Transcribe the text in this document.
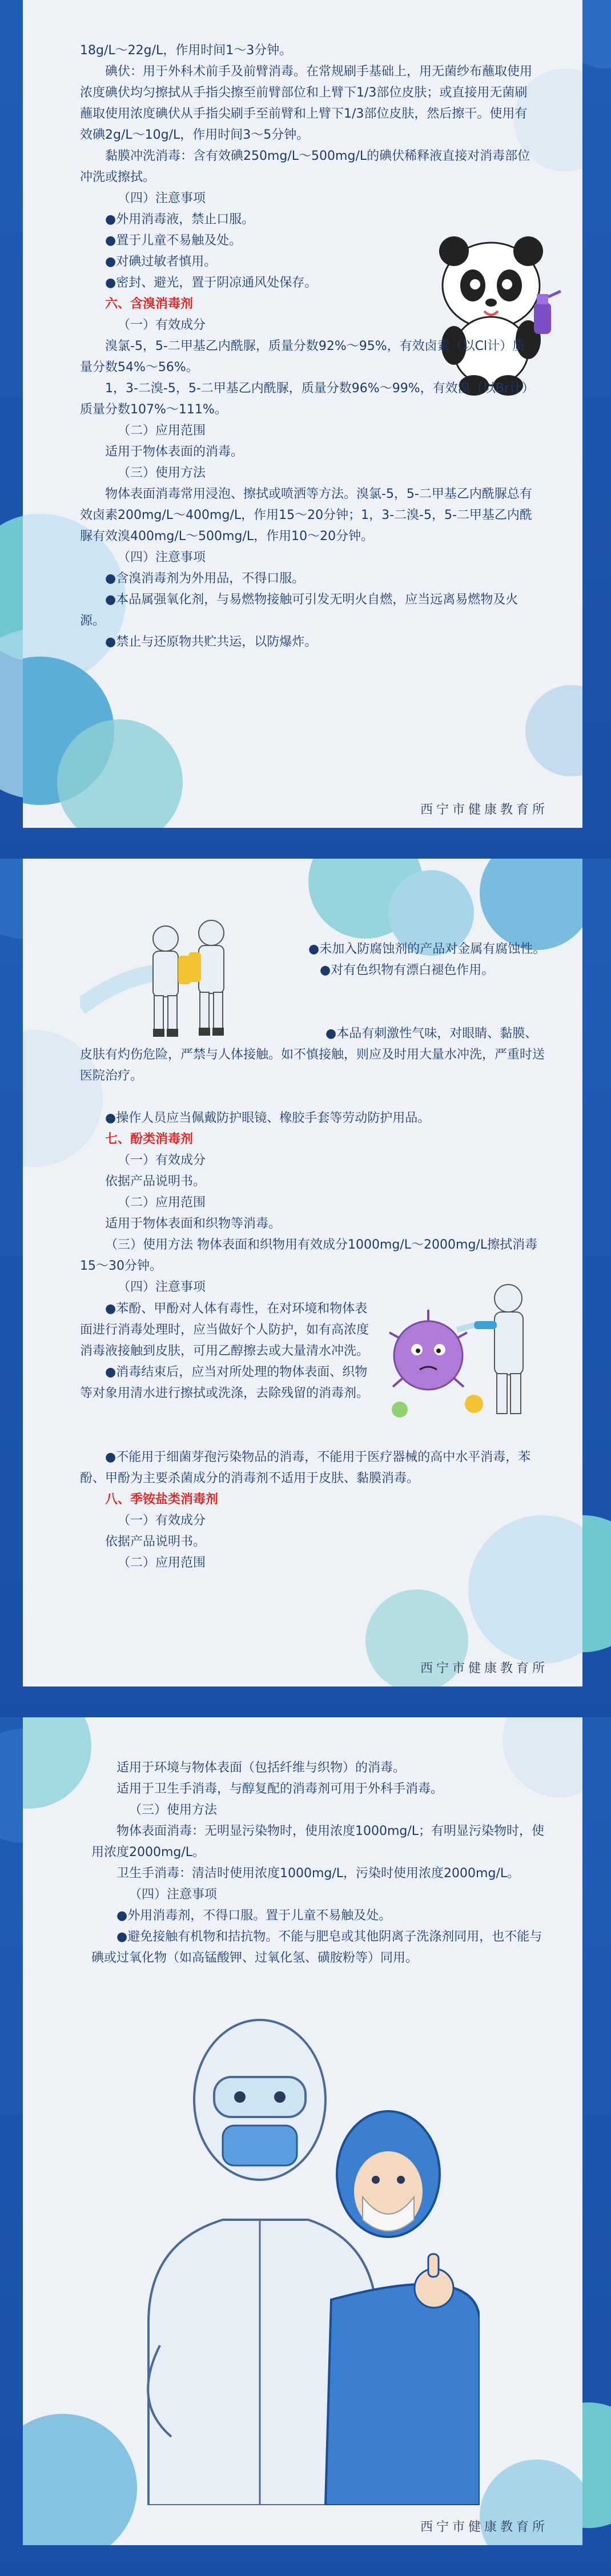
18g/L～22g/L，作用时间1～3分钟。

碘伏：用于外科术前手及前臂消毒。在常规刷手基础上，用无菌纱布蘸取使用浓度碘伏均匀擦拭从手指尖擦至前臂部位和上臂下1/3部位皮肤；或直接用无菌刷蘸取使用浓度碘伏从手指尖刷手至前臂和上臂下1/3部位皮肤，然后擦干。使用有效碘2g/L～10g/L，作用时间3～5分钟。

黏膜冲洗消毒：含有效碘250mg/L～500mg/L的碘伏稀释液直接对消毒部位冲洗或擦拭。

（四）注意事项

●外用消毒液，禁止口服。

●置于儿童不易触及处。

●对碘过敏者慎用。

●密封、避光，置于阴凉通风处保存。

六、含溴消毒剂

（一）有效成分

溴氯-5，5-二甲基乙内酰脲，质量分数92%～95%，有效卤素（以Cl计）质量分数54%～56%。

1，3-二溴-5，5-二甲基乙内酰脲，质量分数96%～99%，有效溴（以Br计）质量分数107%～111%。

（二）应用范围

适用于物体表面的消毒。

（三）使用方法

物体表面消毒常用浸泡、擦拭或喷洒等方法。溴氯-5，5-二甲基乙内酰脲总有效卤素200mg/L～400mg/L，作用15～20分钟；1，3-二溴-5，5-二甲基乙内酰脲有效溴400mg/L～500mg/L，作用10～20分钟。

（四）注意事项

●含溴消毒剂为外用品，不得口服。

●本品属强氧化剂，与易燃物接触可引发无明火自燃，应当远离易燃物及火源。

●禁止与还原物共贮共运，以防爆炸。

西宁市健康教育所

●未加入防腐蚀剂的产品对金属有腐蚀性。

●对有色织物有漂白褪色作用。

●本品有刺激性气味，对眼睛、黏膜、皮肤有灼伤危险，严禁与人体接触。如不慎接触，则应及时用大量水冲洗，严重时送医院治疗。

●操作人员应当佩戴防护眼镜、橡胶手套等劳动防护用品。

七、酚类消毒剂

（一）有效成分

依据产品说明书。

（二）应用范围

适用于物体表面和织物等消毒。

（三）使用方法 物体表面和织物用有效成分1000mg/L～2000mg/L擦拭消毒15～30分钟。

（四）注意事项

●苯酚、甲酚对人体有毒性，在对环境和物体表面进行消毒处理时，应当做好个人防护，如有高浓度消毒液接触到皮肤，可用乙醇擦去或大量清水冲洗。

●消毒结束后，应当对所处理的物体表面、织物等对象用清水进行擦拭或洗涤，去除残留的消毒剂。

●不能用于细菌芽孢污染物品的消毒，不能用于医疗器械的高中水平消毒，苯酚、甲酚为主要杀菌成分的消毒剂不适用于皮肤、黏膜消毒。

八、季铵盐类消毒剂

（一）有效成分

依据产品说明书。

（二）应用范围

西宁市健康教育所

适用于环境与物体表面（包括纤维与织物）的消毒。

适用于卫生手消毒，与醇复配的消毒剂可用于外科手消毒。

（三）使用方法

物体表面消毒：无明显污染物时，使用浓度1000mg/L；有明显污染物时，使用浓度2000mg/L。

卫生手消毒：清洁时使用浓度1000mg/L，污染时使用浓度2000mg/L。

（四）注意事项

●外用消毒剂，不得口服。置于儿童不易触及处。

●避免接触有机物和拮抗物。不能与肥皂或其他阴离子洗涤剂同用，也不能与碘或过氧化物（如高锰酸钾、过氧化氢、磺胺粉等）同用。

西宁市健康教育所
